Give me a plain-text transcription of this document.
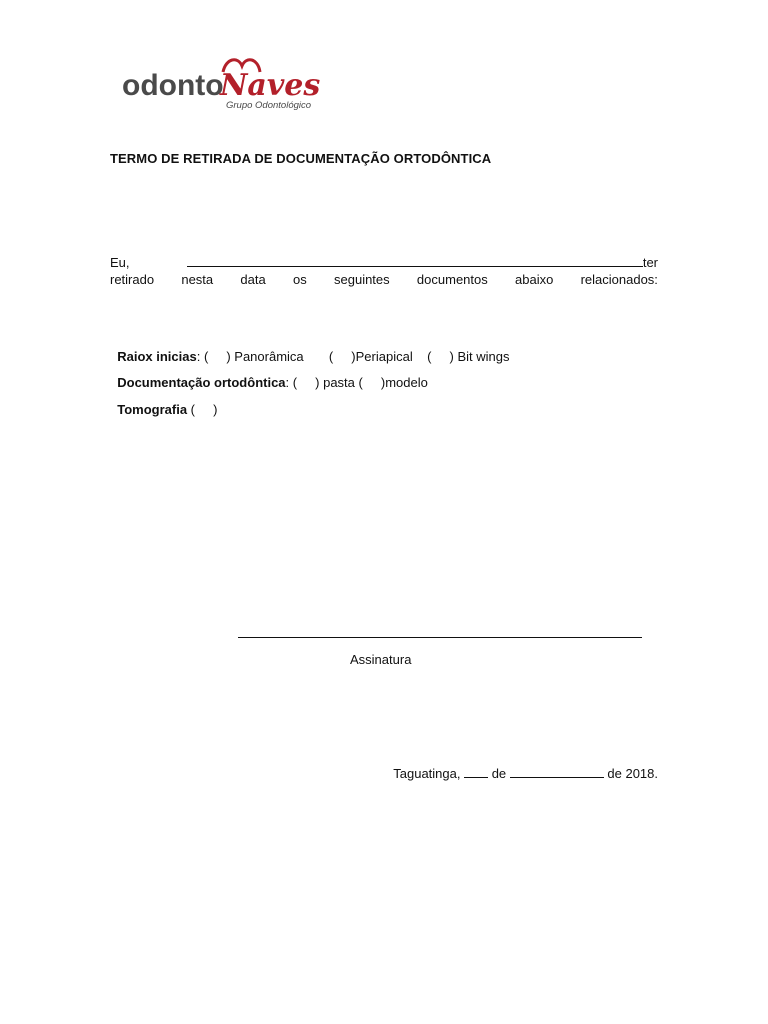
odonto
Naves
Grupo Odontológico
TERMO DE RETIRADA DE DOCUMENTAÇÃO ORTODÔNTICA
Eu,	ter
retirado nesta data os seguintes documentos abaixo relacionados:

Raiox inicias: (     ) Panorâmica       (     )Periapical    (     ) Bit wings

Documentação ortodôntica: (     ) pasta (     )modelo

Tomografia (     )

Assinatura
Taguatinga,  de	de 2018.
